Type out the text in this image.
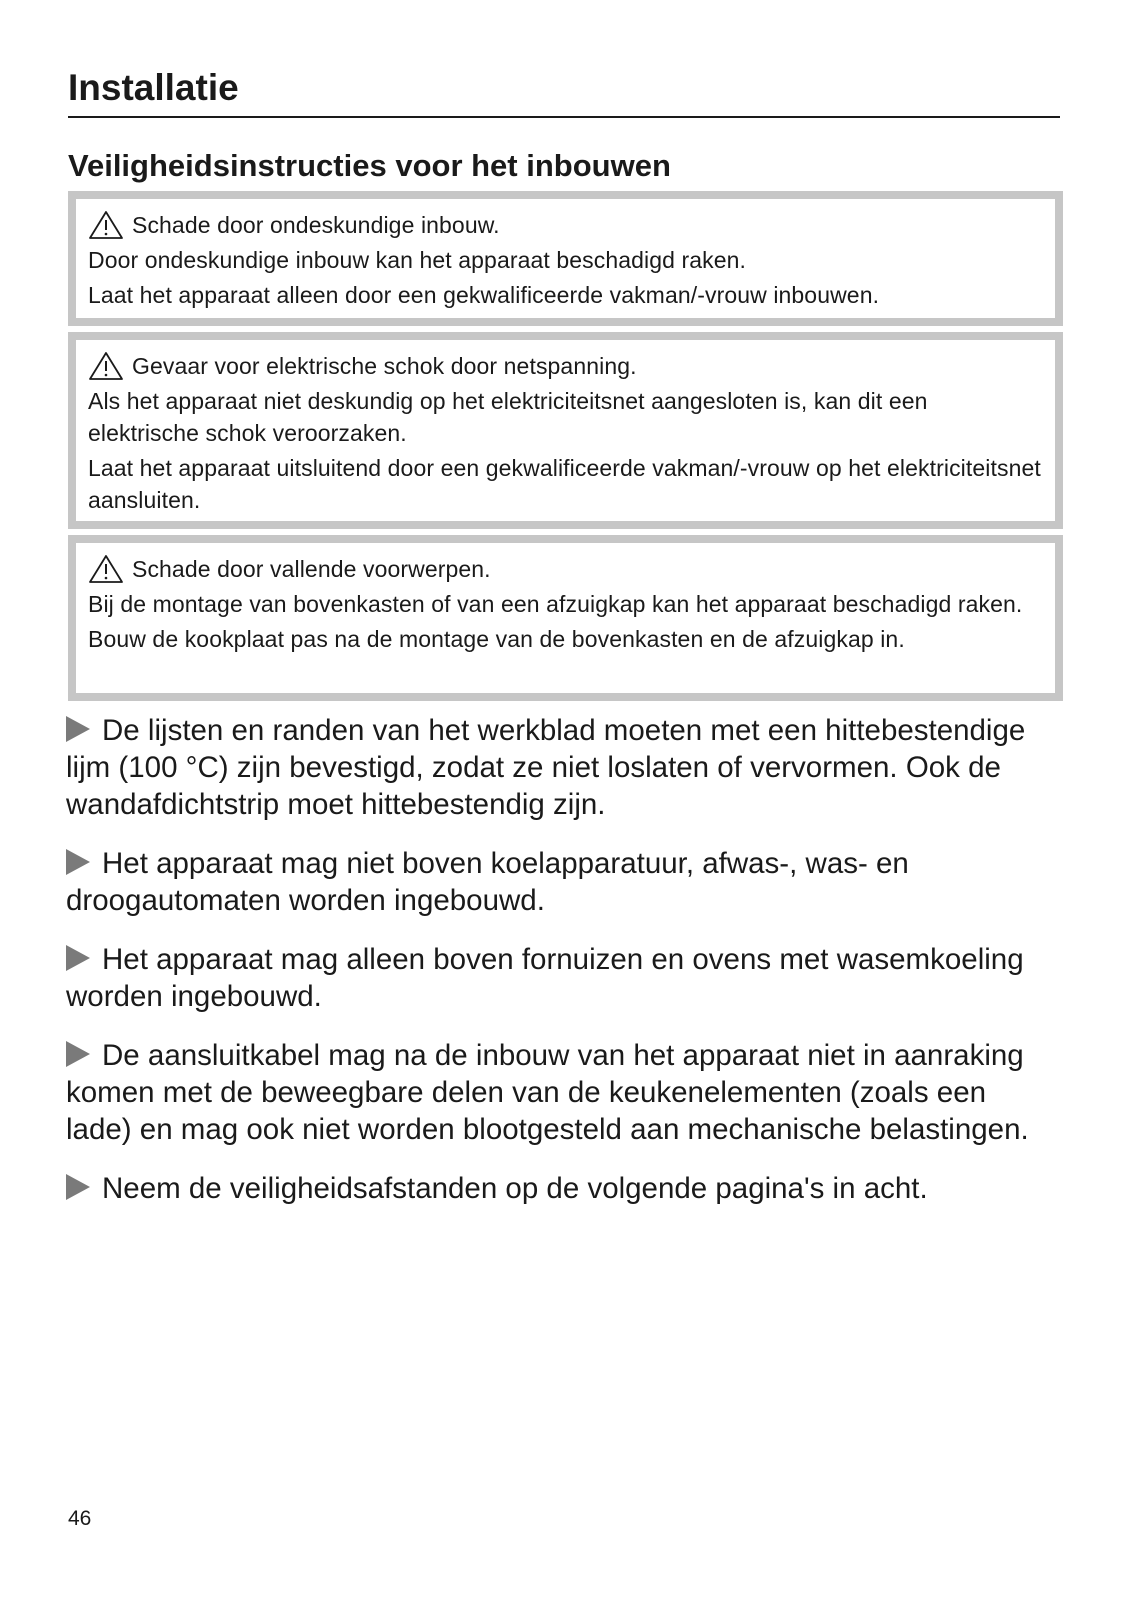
Installatie
Veiligheidsinstructies voor het inbouwen
Schade door ondeskundige inbouw.

Door ondeskundige inbouw kan het apparaat beschadigd raken.

Laat het apparaat alleen door een gekwalificeerde vakman/-vrouw inbouwen.

Gevaar voor elektrische schok door netspanning.

Als het apparaat niet deskundig op het elektriciteitsnet aangesloten is, kan dit een elektrische schok veroorzaken.

Laat het apparaat uitsluitend door een gekwalificeerde vakman/-vrouw op het elektriciteitsnet aansluiten.

Schade door vallende voorwerpen.

Bij de montage van bovenkasten of van een afzuigkap kan het apparaat beschadigd raken.

Bouw de kookplaat pas na de montage van de bovenkasten en de afzuigkap in.

De lijsten en randen van het werkblad moeten met een hittebestendige lijm (100 °C) zijn bevestigd, zodat ze niet loslaten of vervormen. Ook de wandafdichtstrip moet hittebestendig zijn.

Het apparaat mag niet boven koelapparatuur, afwas-, was- en droogautomaten worden ingebouwd.

Het apparaat mag alleen boven fornuizen en ovens met wasemkoeling worden ingebouwd.

De aansluitkabel mag na de inbouw van het apparaat niet in aanraking komen met de beweegbare delen van de keukenelementen (zoals een lade) en mag ook niet worden blootgesteld aan mechanische belastingen.

Neem de veiligheidsafstanden op de volgende pagina's in acht.

46
